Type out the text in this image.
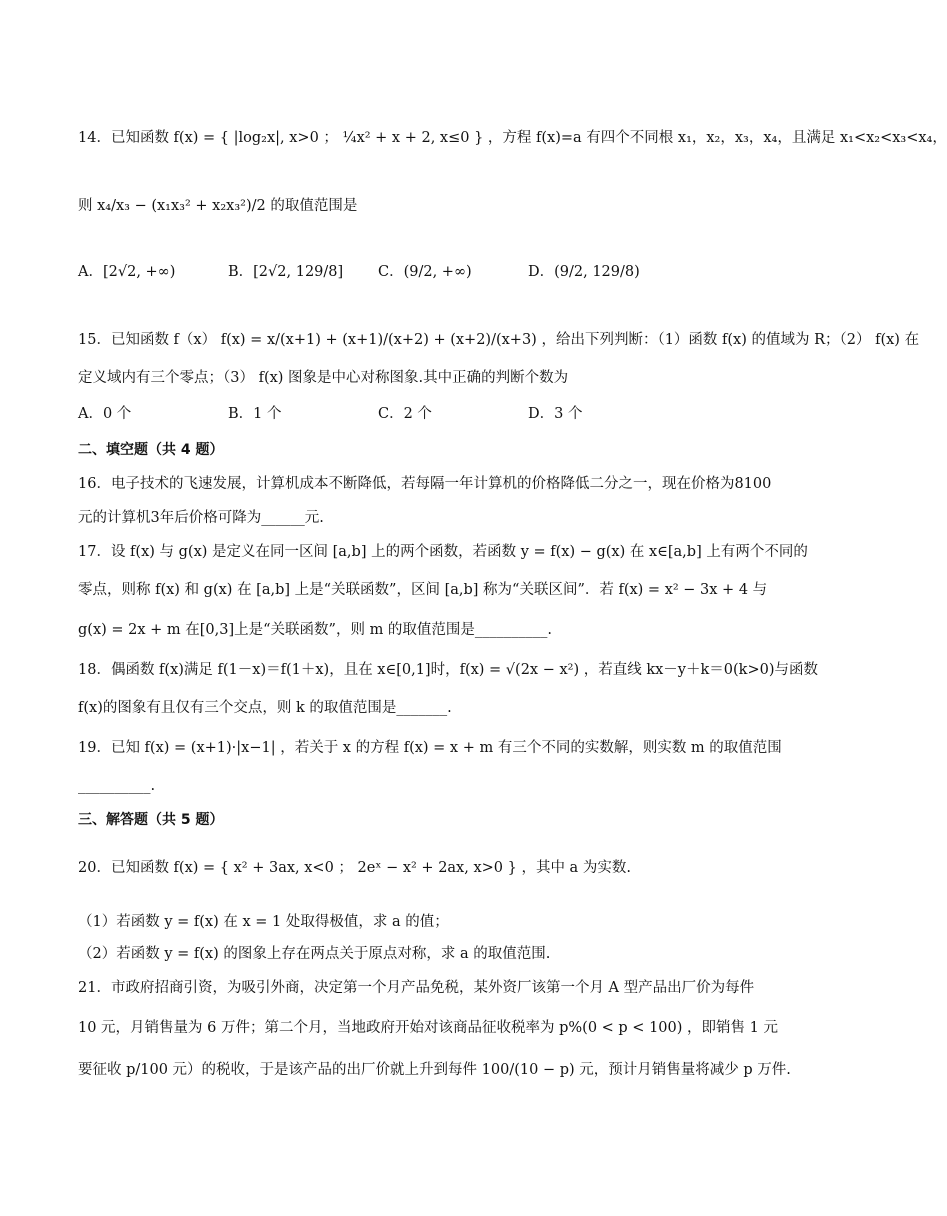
14．已知函数 f(x) = { |log₂x|, x>0 ； ¼x² + x + 2, x≤0 } ，方程 f(x)=a 有四个不同根 x₁，x₂，x₃，x₄，且满足 x₁<x₂<x₃<x₄，
则 x₄/x₃ − (x₁x₃² + x₂x₃²)/2 的取值范围是
A．[2√2, +∞)	B．[2√2, 129/8] C．(9/2, +∞)	D．(9/2, 129/8)
15．已知函数 f（x） f(x) = x/(x+1) + (x+1)/(x+2) + (x+2)/(x+3) ，给出下列判断：（1）函数 f(x) 的值域为 R；（2） f(x) 在
定义域内有三个零点；（3） f(x) 图象是中心对称图象.其中正确的判断个数为
A．0 个	B．1 个	C．2 个	D．3 个
二、填空题（共 4 题）
16．电子技术的飞速发展，计算机成本不断降低，若每隔一年计算机的价格降低二分之一，现在价格为8100
元的计算机3年后价格可降为______元.
17．设 f(x) 与 g(x) 是定义在同一区间 [a,b] 上的两个函数，若函数 y = f(x) − g(x) 在 x∈[a,b] 上有两个不同的
零点，则称 f(x) 和 g(x) 在 [a,b] 上是“关联函数”，区间 [a,b] 称为“关联区间”．若 f(x) = x² − 3x + 4 与
g(x) = 2x + m 在[0,3]上是“关联函数”，则 m 的取值范围是__________.
18．偶函数 f(x)满足 f(1－x)＝f(1＋x)，且在 x∈[0,1]时，f(x) = √(2x − x²) ，若直线 kx－y＋k＝0(k>0)与函数
f(x)的图象有且仅有三个交点，则 k 的取值范围是_______.
19．已知 f(x) = (x+1)·|x−1| ，若关于 x 的方程 f(x) = x + m 有三个不同的实数解，则实数 m 的取值范围
__________.
三、解答题（共 5 题）
20．已知函数 f(x) = { x² + 3ax, x<0 ； 2eˣ − x² + 2ax, x>0 } ，其中 a 为实数.
（1）若函数 y = f(x) 在 x = 1 处取得极值，求 a 的值；
（2）若函数 y = f(x) 的图象上存在两点关于原点对称，求 a 的取值范围.
21．市政府招商引资，为吸引外商，决定第一个月产品免税，某外资厂该第一个月 A 型产品出厂价为每件
10 元，月销售量为 6 万件；第二个月，当地政府开始对该商品征收税率为 p%(0 < p < 100) ，即销售 1 元
要征收 p/100 元）的税收，于是该产品的出厂价就上升到每件 100/(10 − p) 元，预计月销售量将减少 p 万件.
